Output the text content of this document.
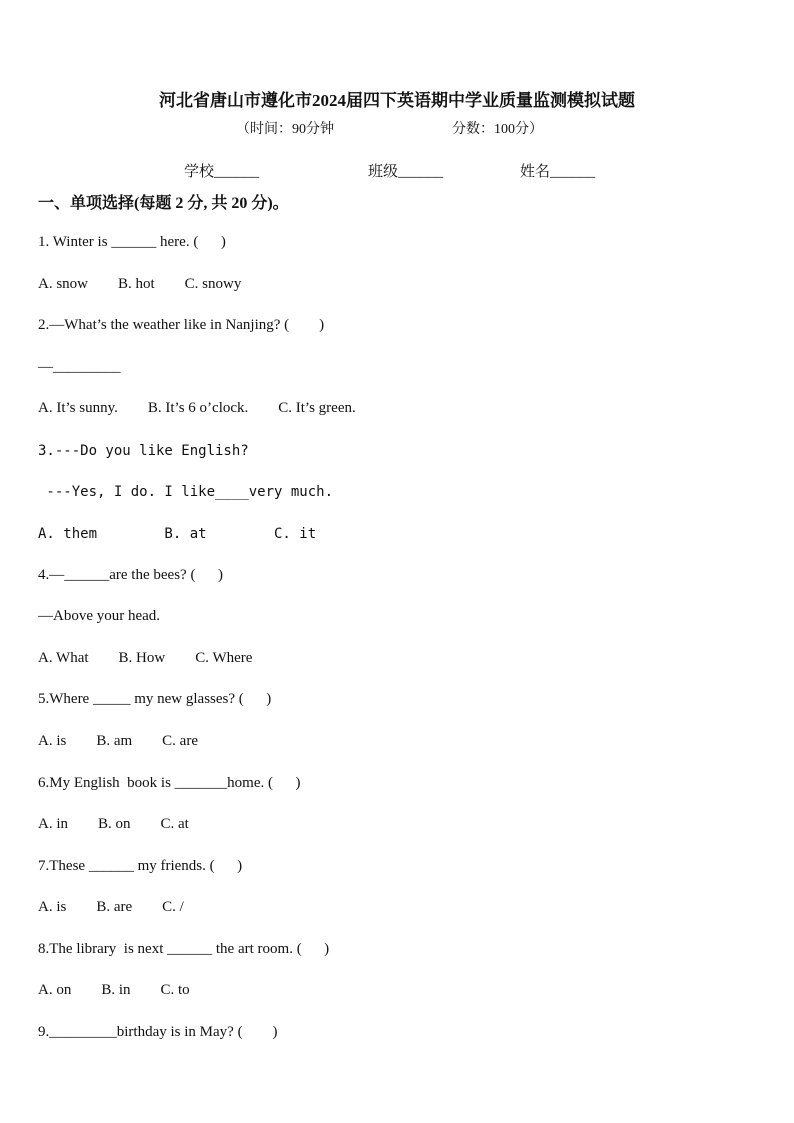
河北省唐山市遵化市2024届四下英语期中学业质量监测模拟试题
（时间：90分钟	分数：100分）
学校______	班级______	姓名______
一、单项选择(每题 2 分, 共 20 分)。
1. Winter is ______ here. (      )
A. snow        B. hot        C. snowy
2.—What’s the weather like in Nanjing? (        )
—_________
A. It’s sunny.        B. It’s 6 o’clock.        C. It’s green.
3.---Do you like English?
---Yes, I do. I like____very much.
A. them        B. at        C. it
4.—______are the bees? (      )
—Above your head.
A. What        B. How        C. Where
5.Where _____ my new glasses? (      )
A. is        B. am        C. are
6.My English  book is _______home. (      )
A. in        B. on        C. at
7.These ______ my friends. (      )
A. is        B. are        C. /
8.The library  is next ______ the art room. (      )
A. on        B. in        C. to
9._________birthday is in May? (        )
